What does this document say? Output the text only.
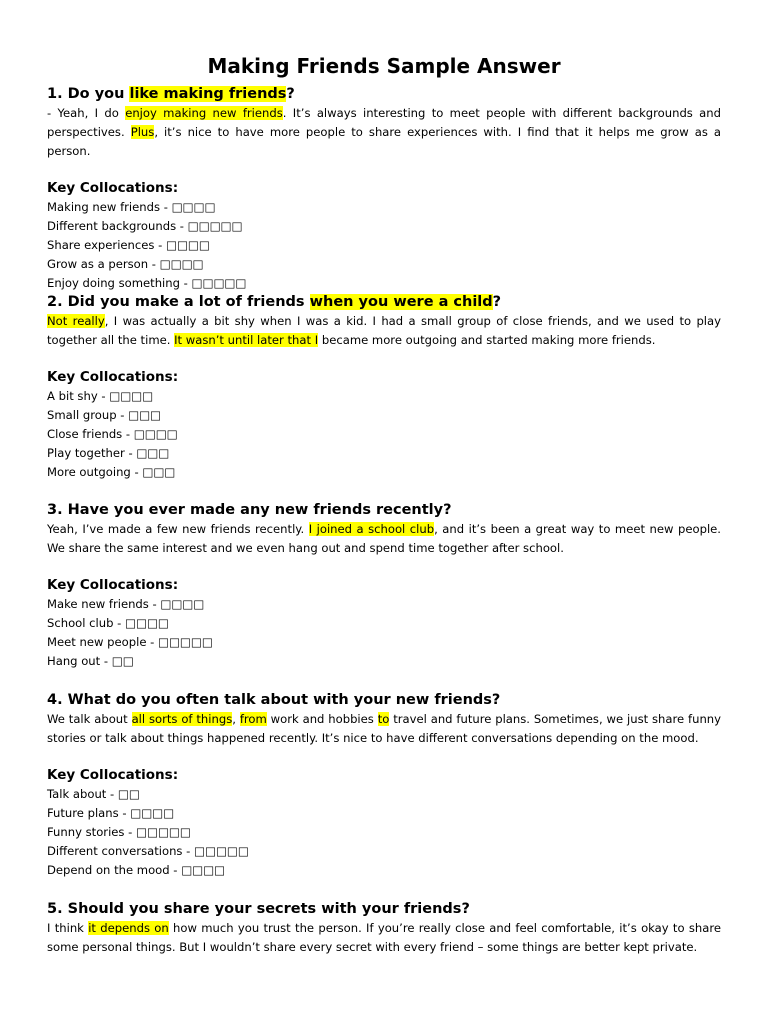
Making Friends Sample Answer

1. Do you like making friends?

- Yeah, I do enjoy making new friends. It’s always interesting to meet people with different backgrounds and perspectives. Plus, it’s nice to have more people to share experiences with. I find that it helps me grow as a person.

Key Collocations:

Making new friends - □□□□

Different backgrounds - □□□□□

Share experiences - □□□□

Grow as a person - □□□□

Enjoy doing something - □□□□□

2. Did you make a lot of friends when you were a child?

Not really, I was actually a bit shy when I was a kid. I had a small group of close friends, and we used to play together all the time. It wasn’t until later that I became more outgoing and started making more friends.

Key Collocations:

A bit shy - □□□□

Small group - □□□

Close friends - □□□□

Play together - □□□

More outgoing - □□□

3. Have you ever made any new friends recently?

Yeah, I’ve made a few new friends recently. I joined a school club, and it’s been a great way to meet new people. We share the same interest and we even hang out and spend time together after school.

Key Collocations:

Make new friends - □□□□

School club - □□□□

Meet new people - □□□□□

Hang out - □□

4. What do you often talk about with your new friends?

We talk about all sorts of things, from work and hobbies to travel and future plans. Sometimes, we just share funny stories or talk about things happened recently. It’s nice to have different conversations depending on the mood.

Key Collocations:

Talk about - □□

Future plans - □□□□

Funny stories - □□□□□

Different conversations - □□□□□

Depend on the mood - □□□□

5. Should you share your secrets with your friends?

I think it depends on how much you trust the person. If you’re really close and feel comfortable, it’s okay to share some personal things. But I wouldn’t share every secret with every friend – some things are better kept private.
